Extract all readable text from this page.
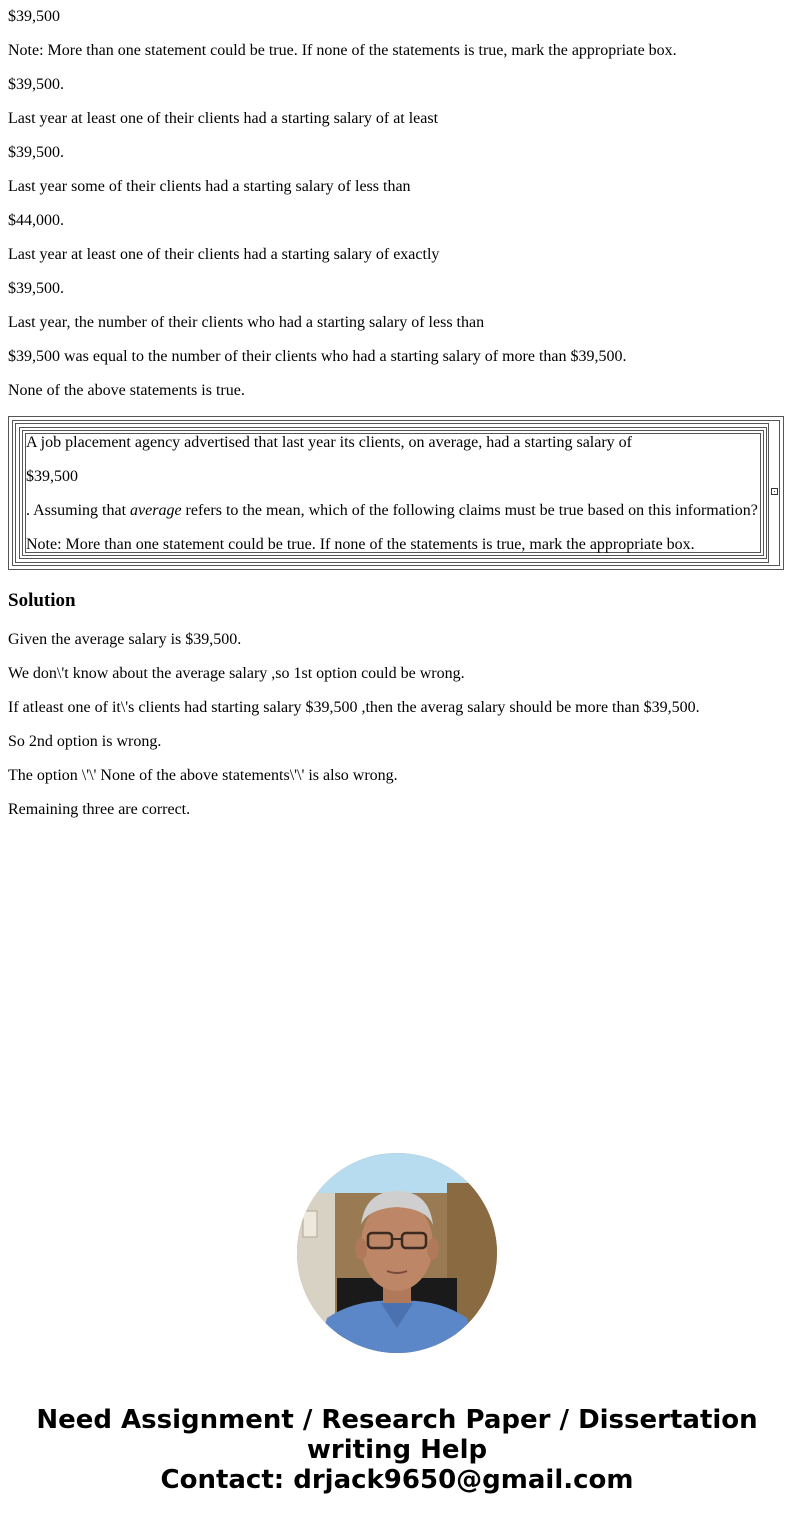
$39,500

Note: More than one statement could be true. If none of the statements is true, mark the appropriate box.

$39,500.

Last year at least one of their clients had a starting salary of at least

$39,500.

Last year some of their clients had a starting salary of less than

$44,000.

Last year at least one of their clients had a starting salary of exactly

$39,500.

Last year, the number of their clients who had a starting salary of less than

$39,500 was equal to the number of their clients who had a starting salary of more than $39,500.

None of the above statements is true.

A job placement agency advertised that last year its clients, on average, had a starting salary of

$39,500

. Assuming that average refers to the mean, which of the following claims must be true based on this information?

Note: More than one statement could be true. If none of the statements is true, mark the appropriate box.

Solution

Given the average salary is $39,500.

We don\'t know about the average salary ,so 1st option could be wrong.

If atleast one of it\'s clients had starting salary $39,500 ,then the averag salary should be more than $39,500.

So 2nd option is wrong.

The option \'\' None of the above statements\'\' is also wrong.

Remaining three are correct.

Need Assignment / Research Paper / Dissertation
writing Help
Contact: drjack9650@gmail.com
